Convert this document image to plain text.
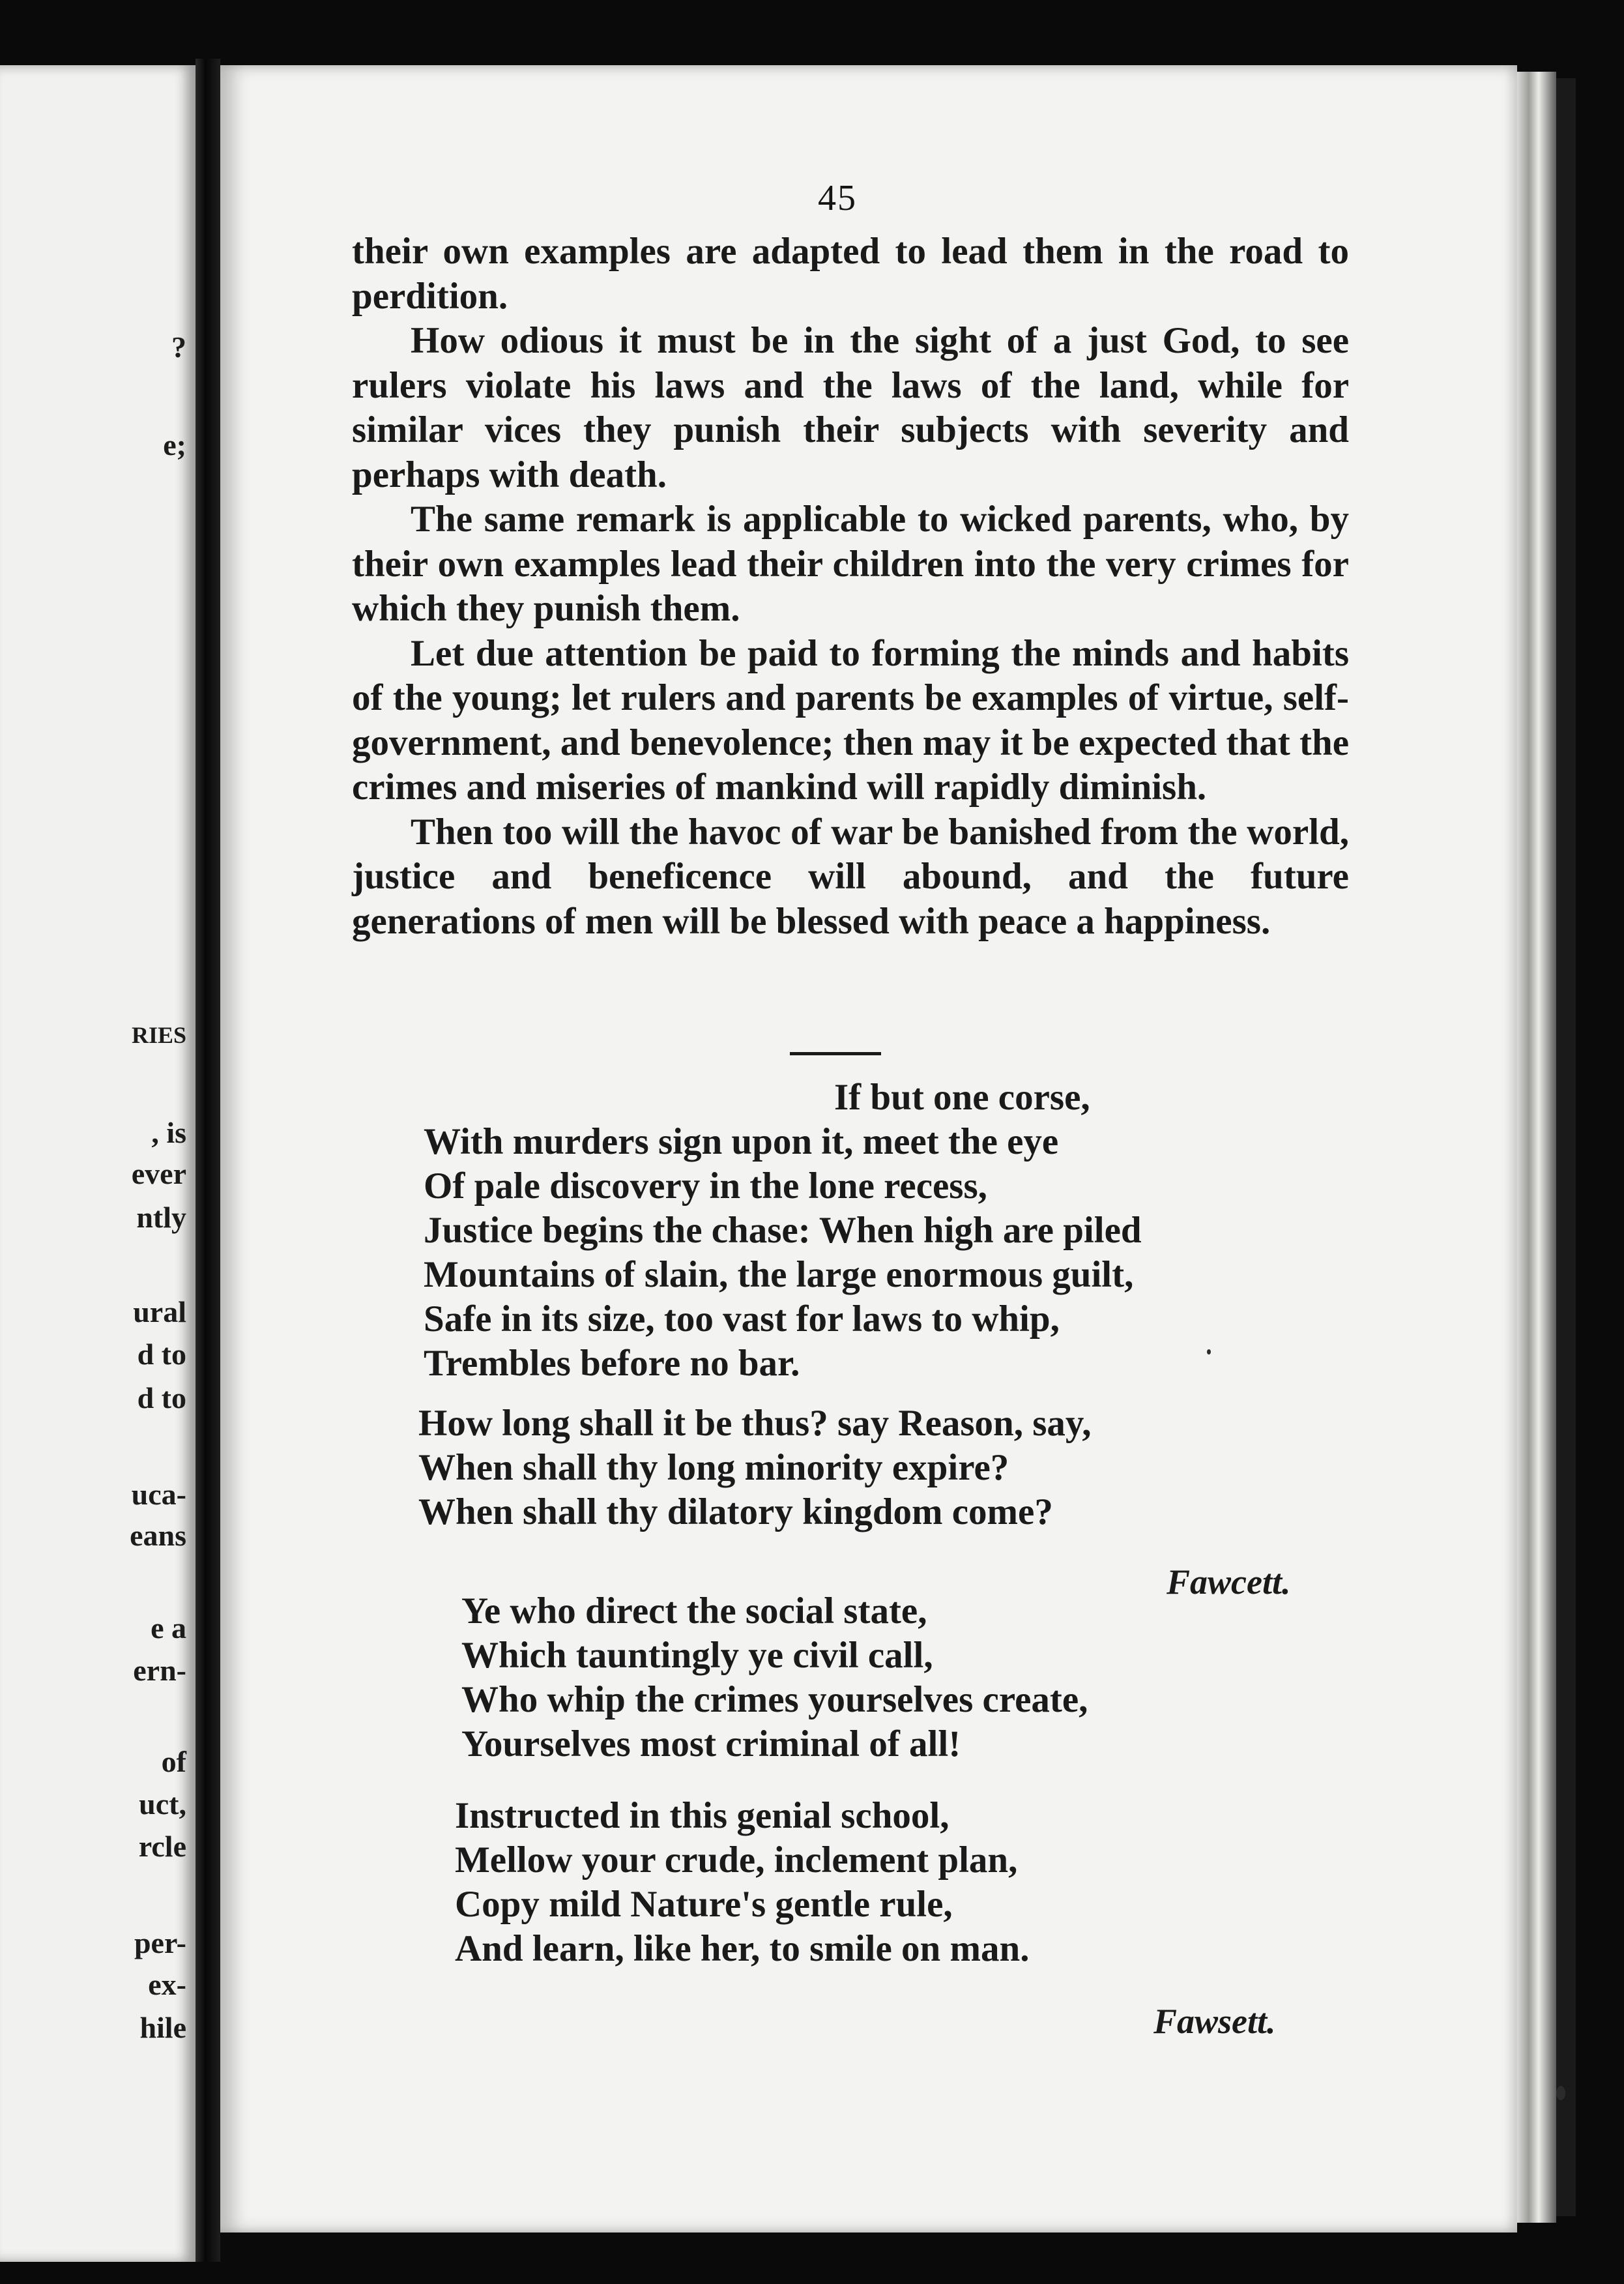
?
e;
RIES
, is
ever
ntly
ural
d to
d to
uca-
eans
e a
ern-
of
uct,
rcle
per-
ex-
hile
45

their own examples are adapted to lead them in the road to perdition.

How odious it must be in the sight of a just God, to see rulers violate his laws and the laws of the land, while for similar vices they punish their subjects with severity and perhaps with death.

The same remark is applicable to wicked parents, who, by their own examples lead their children into the very crimes for which they punish them.

Let due attention be paid to forming the minds and habits of the young; let rulers and parents be examples of virtue, self-government, and benevolence; then may it be expected that the crimes and miseries of mankind will rapidly diminish.

Then too will the havoc of war be banished from the world, justice and beneficence will abound, and the future generations of men will be blessed with peace a happiness.

If but one corse,
With murders sign upon it, meet the eye
Of pale discovery in the lone recess,
Justice begins the chase: When high are piled
Mountains of slain, the large enormous guilt,
Safe in its size, too vast for laws to whip,
Trembles before no bar.
How long shall it be thus? say Reason, say,
When shall thy long minority expire?
When shall thy dilatory kingdom come?
Fawcett.
Ye who direct the social state,
Which tauntingly ye civil call,
Who whip the crimes yourselves create,
Yourselves most criminal of all!
Instructed in this genial school,
Mellow your crude, inclement plan,
Copy mild Nature's gentle rule,
And learn, like her, to smile on man.
Fawsett.
